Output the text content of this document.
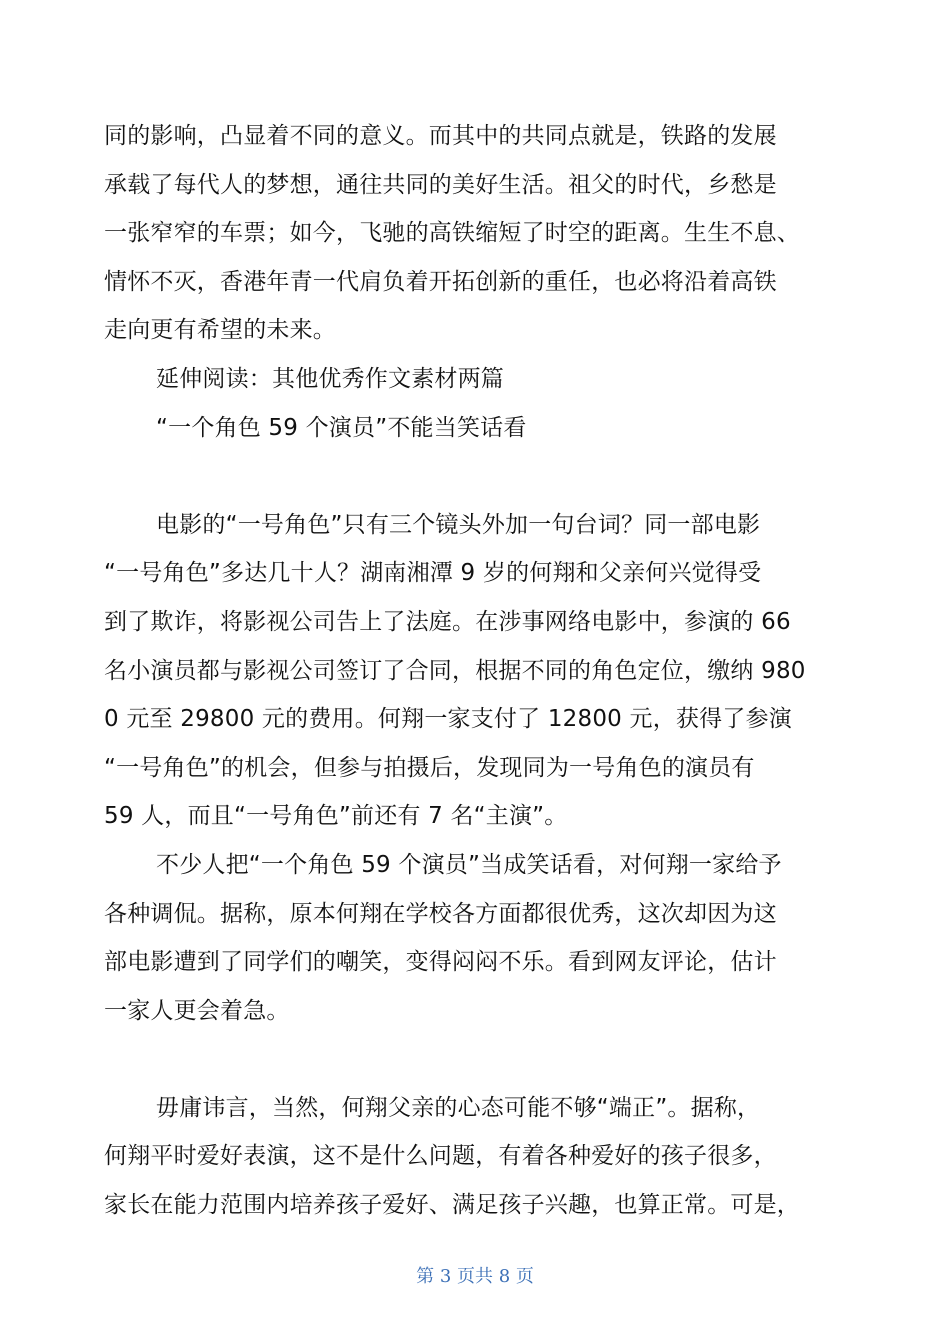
同的影响，凸显着不同的意义。而其中的共同点就是，铁路的发展
承载了每代人的梦想，通往共同的美好生活。祖父的时代，乡愁是
一张窄窄的车票；如今，飞驰的高铁缩短了时空的距离。生生不息、
情怀不灭，香港年青一代肩负着开拓创新的重任，也必将沿着高铁
走向更有希望的未来。
延伸阅读：其他优秀作文素材两篇
“一个角色 59 个演员”不能当笑话看
电影的“一号角色”只有三个镜头外加一句台词？同一部电影
“一号角色”多达几十人？湖南湘潭 9 岁的何翔和父亲何兴觉得受
到了欺诈，将影视公司告上了法庭。在涉事网络电影中，参演的 66
名小演员都与影视公司签订了合同，根据不同的角色定位，缴纳 980
0 元至 29800 元的费用。何翔一家支付了 12800 元，获得了参演
“一号角色”的机会，但参与拍摄后，发现同为一号角色的演员有
59 人，而且“一号角色”前还有 7 名“主演”。
不少人把“一个角色 59 个演员”当成笑话看，对何翔一家给予
各种调侃。据称，原本何翔在学校各方面都很优秀，这次却因为这
部电影遭到了同学们的嘲笑，变得闷闷不乐。看到网友评论，估计
一家人更会着急。
毋庸讳言，当然，何翔父亲的心态可能不够“端正”。据称，
何翔平时爱好表演，这不是什么问题，有着各种爱好的孩子很多，
家长在能力范围内培养孩子爱好、满足孩子兴趣，也算正常。可是，
第 3 页共 8 页
